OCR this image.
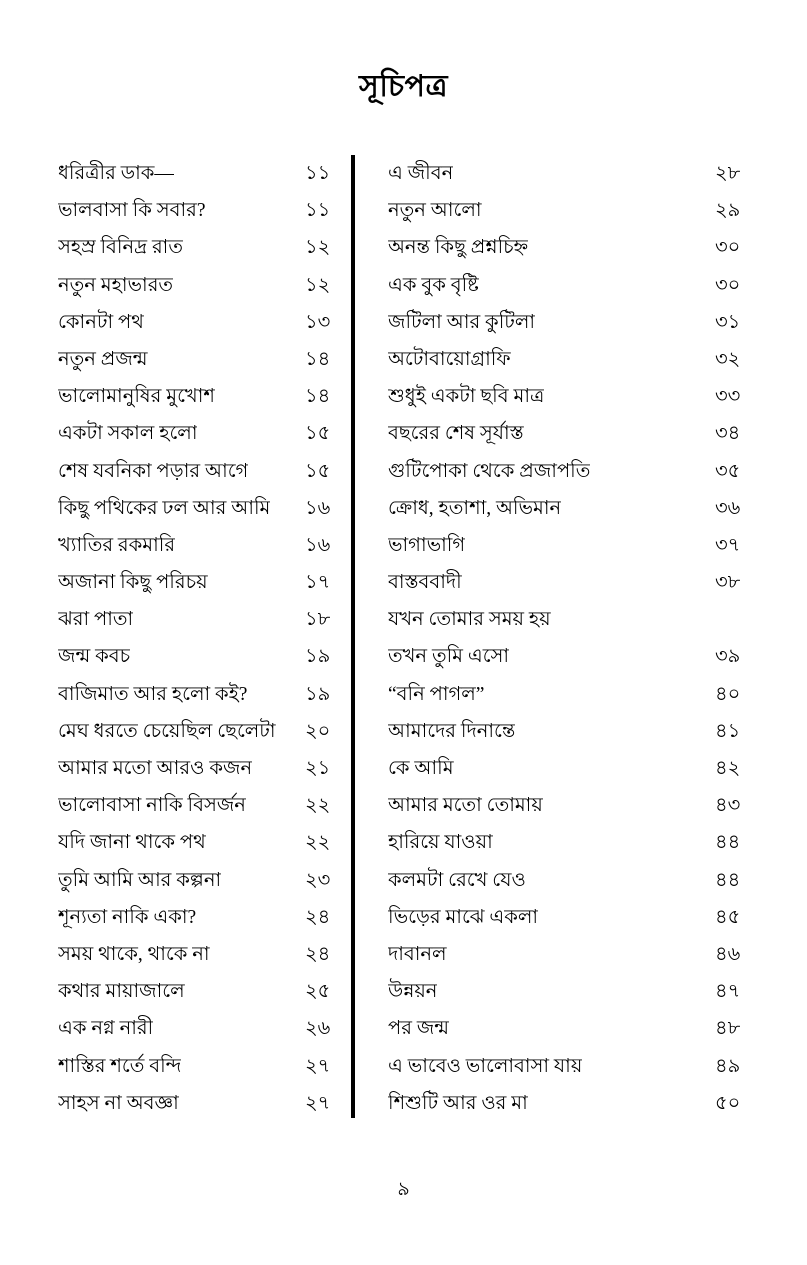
সূচিপত্র
ধরিত্রীর ডাক—	১১
ভালবাসা কি সবার?	১১
সহস্র বিনিদ্র রাত	১২
নতুন মহাভারত	১২
কোনটা পথ	১৩
নতুন প্রজন্ম	১৪
ভালোমানুষির মুখোশ	১৪
একটা সকাল হলো	১৫
শেষ যবনিকা পড়ার আগে	১৫
কিছু পথিকের ঢল আর আমি	১৬
খ্যাতির রকমারি	১৬
অজানা কিছু পরিচয়	১৭
ঝরা পাতা	১৮
জন্ম কবচ	১৯
বাজিমাত আর হলো কই?	১৯
মেঘ ধরতে চেয়েছিল ছেলেটা	২০
আমার মতো আরও কজন	২১
ভালোবাসা নাকি বিসর্জন	২২
যদি জানা থাকে পথ	২২
তুমি আমি আর কল্পনা	২৩
শূন্যতা নাকি একা?	২৪
সময় থাকে, থাকে না	২৪
কথার মায়াজালে	২৫
এক নগ্ন নারী	২৬
শাস্তির শর্তে বন্দি	২৭
সাহস না অবজ্ঞা	২৭
এ জীবন	২৮
নতুন আলো	২৯
অনন্ত কিছু প্রশ্নচিহ্ন	৩০
এক বুক বৃষ্টি	৩০
জটিলা আর কুটিলা	৩১
অটোবায়োগ্রাফি	৩২
শুধুই একটা ছবি মাত্র	৩৩
বছরের শেষ সূর্যাস্ত	৩৪
গুটিপোকা থেকে প্রজাপতি	৩৫
ক্রোধ, হতাশা, অভিমান	৩৬
ভাগাভাগি	৩৭
বাস্তববাদী	৩৮
যখন তোমার সময় হয়
তখন তুমি এসো	৩৯
“বনি পাগল”	৪০
আমাদের দিনান্তে	৪১
কে আমি	৪২
আমার মতো তোমায়	৪৩
হারিয়ে যাওয়া	৪৪
কলমটা রেখে যেও	৪৪
ভিড়ের মাঝে একলা	৪৫
দাবানল	৪৬
উন্নয়ন	৪৭
পর জন্ম	৪৮
এ ভাবেও ভালোবাসা যায়	৪৯
শিশুটি আর ওর মা	৫০
৯
